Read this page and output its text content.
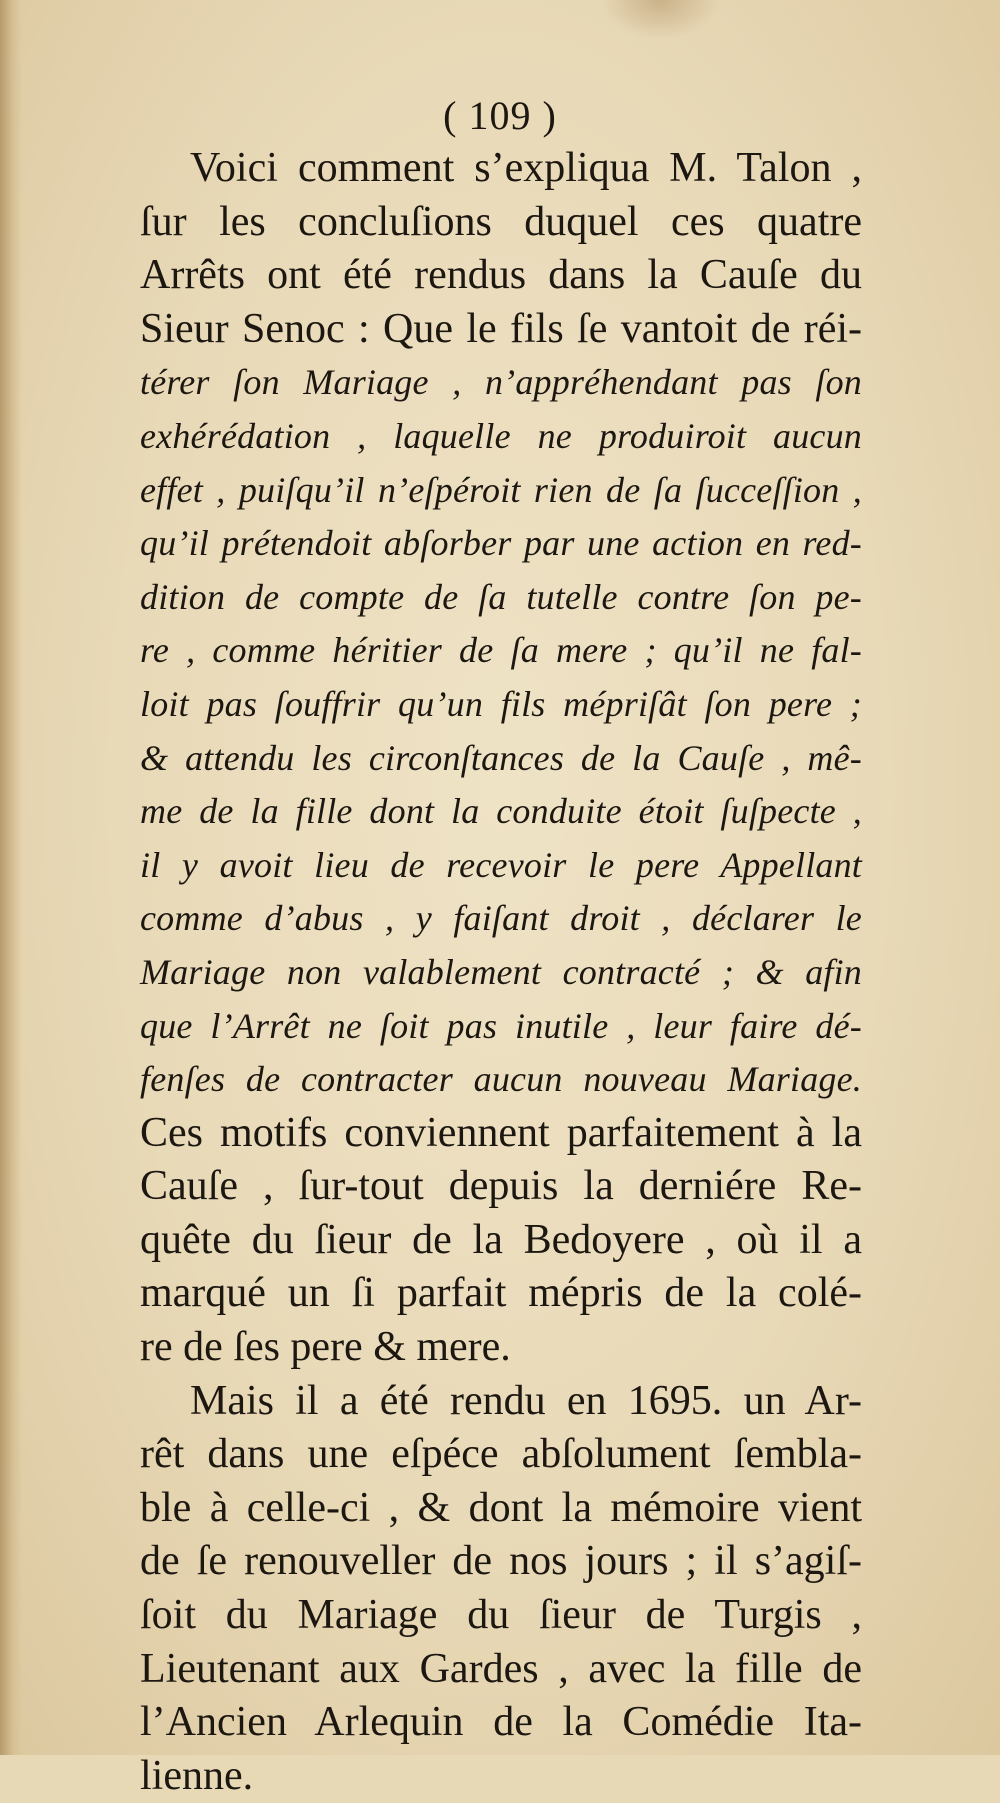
( 109 )
Voici comment s’expliqua M. Talon ,
ſur les concluſions duquel ces quatre
Arrêts ont été rendus dans la Cauſe du
Sieur Senoc : Que le fils ſe vantoit de réi-
térer ſon Mariage , n’appréhendant pas ſon
exhérédation , laquelle ne produiroit aucun
effet , puiſqu’il n’eſpéroit rien de ſa ſucceſſion ,
qu’il prétendoit abſorber par une action en red-
dition de compte de ſa tutelle contre ſon pe-
re , comme héritier de ſa mere ; qu’il ne fal-
loit pas ſouffrir qu’un fils mépriſât ſon pere ;
& attendu les circonſtances de la Cauſe , mê-
me de la fille dont la conduite étoit ſuſpecte ,
il y avoit lieu de recevoir le pere Appellant
comme d’abus , y faiſant droit , déclarer le
Mariage non valablement contracté ; & afin
que l’Arrêt ne ſoit pas inutile , leur faire dé-
fenſes de contracter aucun nouveau Mariage.
Ces motifs conviennent parfaitement à la
Cauſe , ſur-tout depuis la derniére Re-
quête du ſieur de la Bedoyere , où il a
marqué un ſi parfait mépris de la colé-
re de ſes pere & mere.
Mais il a été rendu en 1695. un Ar-
rêt dans une eſpéce abſolument ſembla-
ble à celle-ci , & dont la mémoire vient
de ſe renouveller de nos jours ; il s’agiſ-
ſoit du Mariage du ſieur de Turgis ,
Lieutenant aux Gardes , avec la fille de
l’Ancien Arlequin de la Comédie Ita-
lienne.
